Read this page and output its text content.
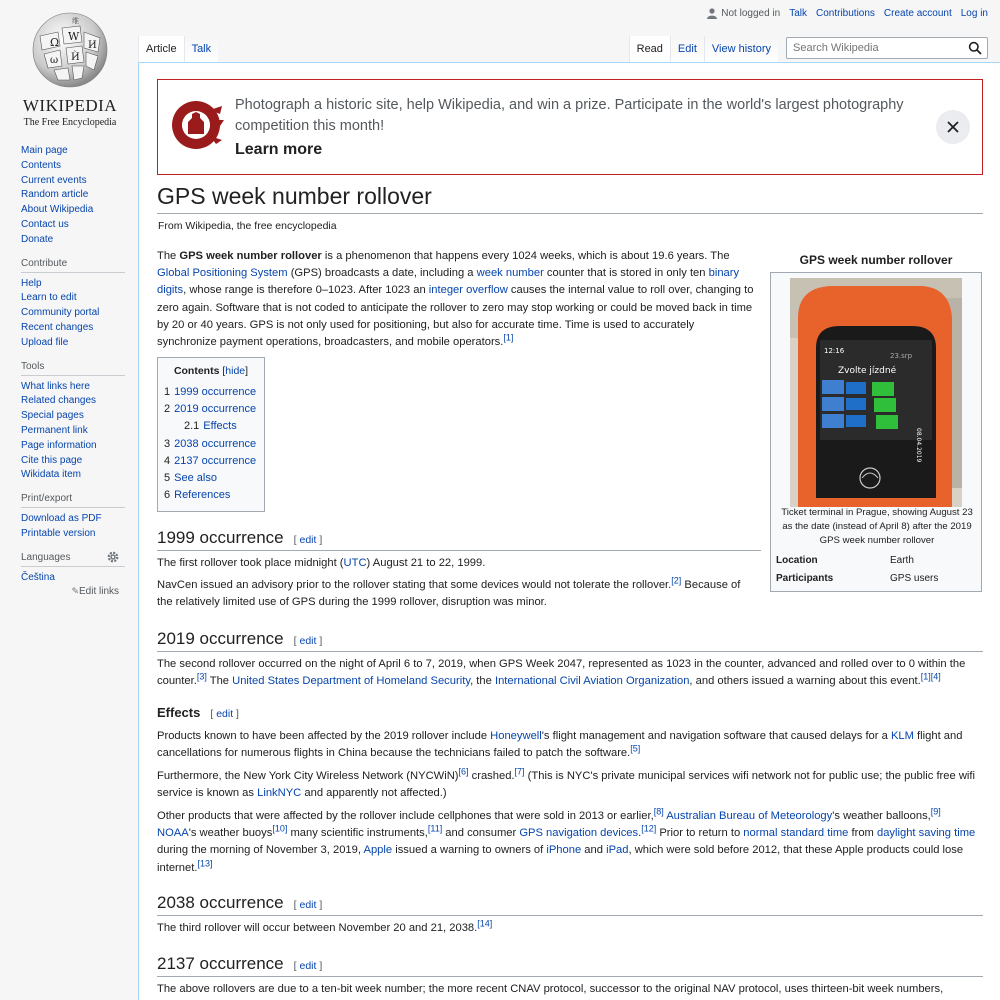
Ω W
И
ω Ѝ
维
WIKIPEDIA
The Free Encyclopedia
Main page
Contents
Current events
Random article
About Wikipedia
Contact us
Donate
Contribute
Help
Learn to edit
Community portal
Recent changes
Upload file
Tools
What links here
Related changes
Special pages
Permanent link
Page information
Cite this page
Wikidata item
Print/export
Download as PDF
Printable version
Languages
Čeština
✎Edit links
Not logged in Talk Contributions Create account Log in
Article	Talk	Read	Edit	View history
Search Wikipedia
Photograph a historic site, help Wikipedia, and win a prize. Participate in the world's largest photography competition this month!
Learn more
GPS week number rollover
From Wikipedia, the free encyclopedia
GPS week number rollover
12:16
23.srp
Zvolte jízdné
08.04.2019
Ticket terminal in Prague, showing August 23 as the date (instead of April 8) after the 2019 GPS week number rollover
Location	Earth
Participants	GPS users

The GPS week number rollover is a phenomenon that happens every 1024 weeks, which is about 19.6 years. The Global Positioning System (GPS) broadcasts a date, including a week number counter that is stored in only ten binary digits, whose range is therefore 0–1023. After 1023 an integer overflow causes the internal value to roll over, changing to zero again. Software that is not coded to anticipate the rollover to zero may stop working or could be moved back in time by 20 or 40 years. GPS is not only used for positioning, but also for accurate time. Time is used to accurately synchronize payment operations, broadcasters, and mobile operators.[1]

Contents [hide]
1 1999 occurrence
2 2019 occurrence
2.1 Effects
3 2038 occurrence
4 2137 occurrence
5 See also
6 References
1999 occurrence [ edit ]

The first rollover took place midnight (UTC) August 21 to 22, 1999.

NavCen issued an advisory prior to the rollover stating that some devices would not tolerate the rollover.[2] Because of the relatively limited use of GPS during the 1999 rollover, disruption was minor.

2019 occurrence [ edit ]

The second rollover occurred on the night of April 6 to 7, 2019, when GPS Week 2047, represented as 1023 in the counter, advanced and rolled over to 0 within the counter.[3] The United States Department of Homeland Security, the International Civil Aviation Organization, and others issued a warning about this event.[1][4]

Effects [ edit ]

Products known to have been affected by the 2019 rollover include Honeywell's flight management and navigation software that caused delays for a KLM flight and cancellations for numerous flights in China because the technicians failed to patch the software.[5]

Furthermore, the New York City Wireless Network (NYCWiN)[6] crashed.[7] (This is NYC's private municipal services wifi network not for public use; the public free wifi service is known as LinkNYC and apparently not affected.)

Other products that were affected by the rollover include cellphones that were sold in 2013 or earlier,[8] Australian Bureau of Meteorology's weather balloons,[9] NOAA's weather buoys[10] many scientific instruments,[11] and consumer GPS navigation devices.[12] Prior to return to normal standard time from daylight saving time during the morning of November 3, 2019, Apple issued a warning to owners of iPhone and iPad, which were sold before 2012, that these Apple products could lose internet.[13]

2038 occurrence [ edit ]

The third rollover will occur between November 20 and 21, 2038.[14]

2137 occurrence [ edit ]

The above rollovers are due to a ten-bit week number; the more recent CNAV protocol, successor to the original NAV protocol, uses thirteen-bit week numbers,
